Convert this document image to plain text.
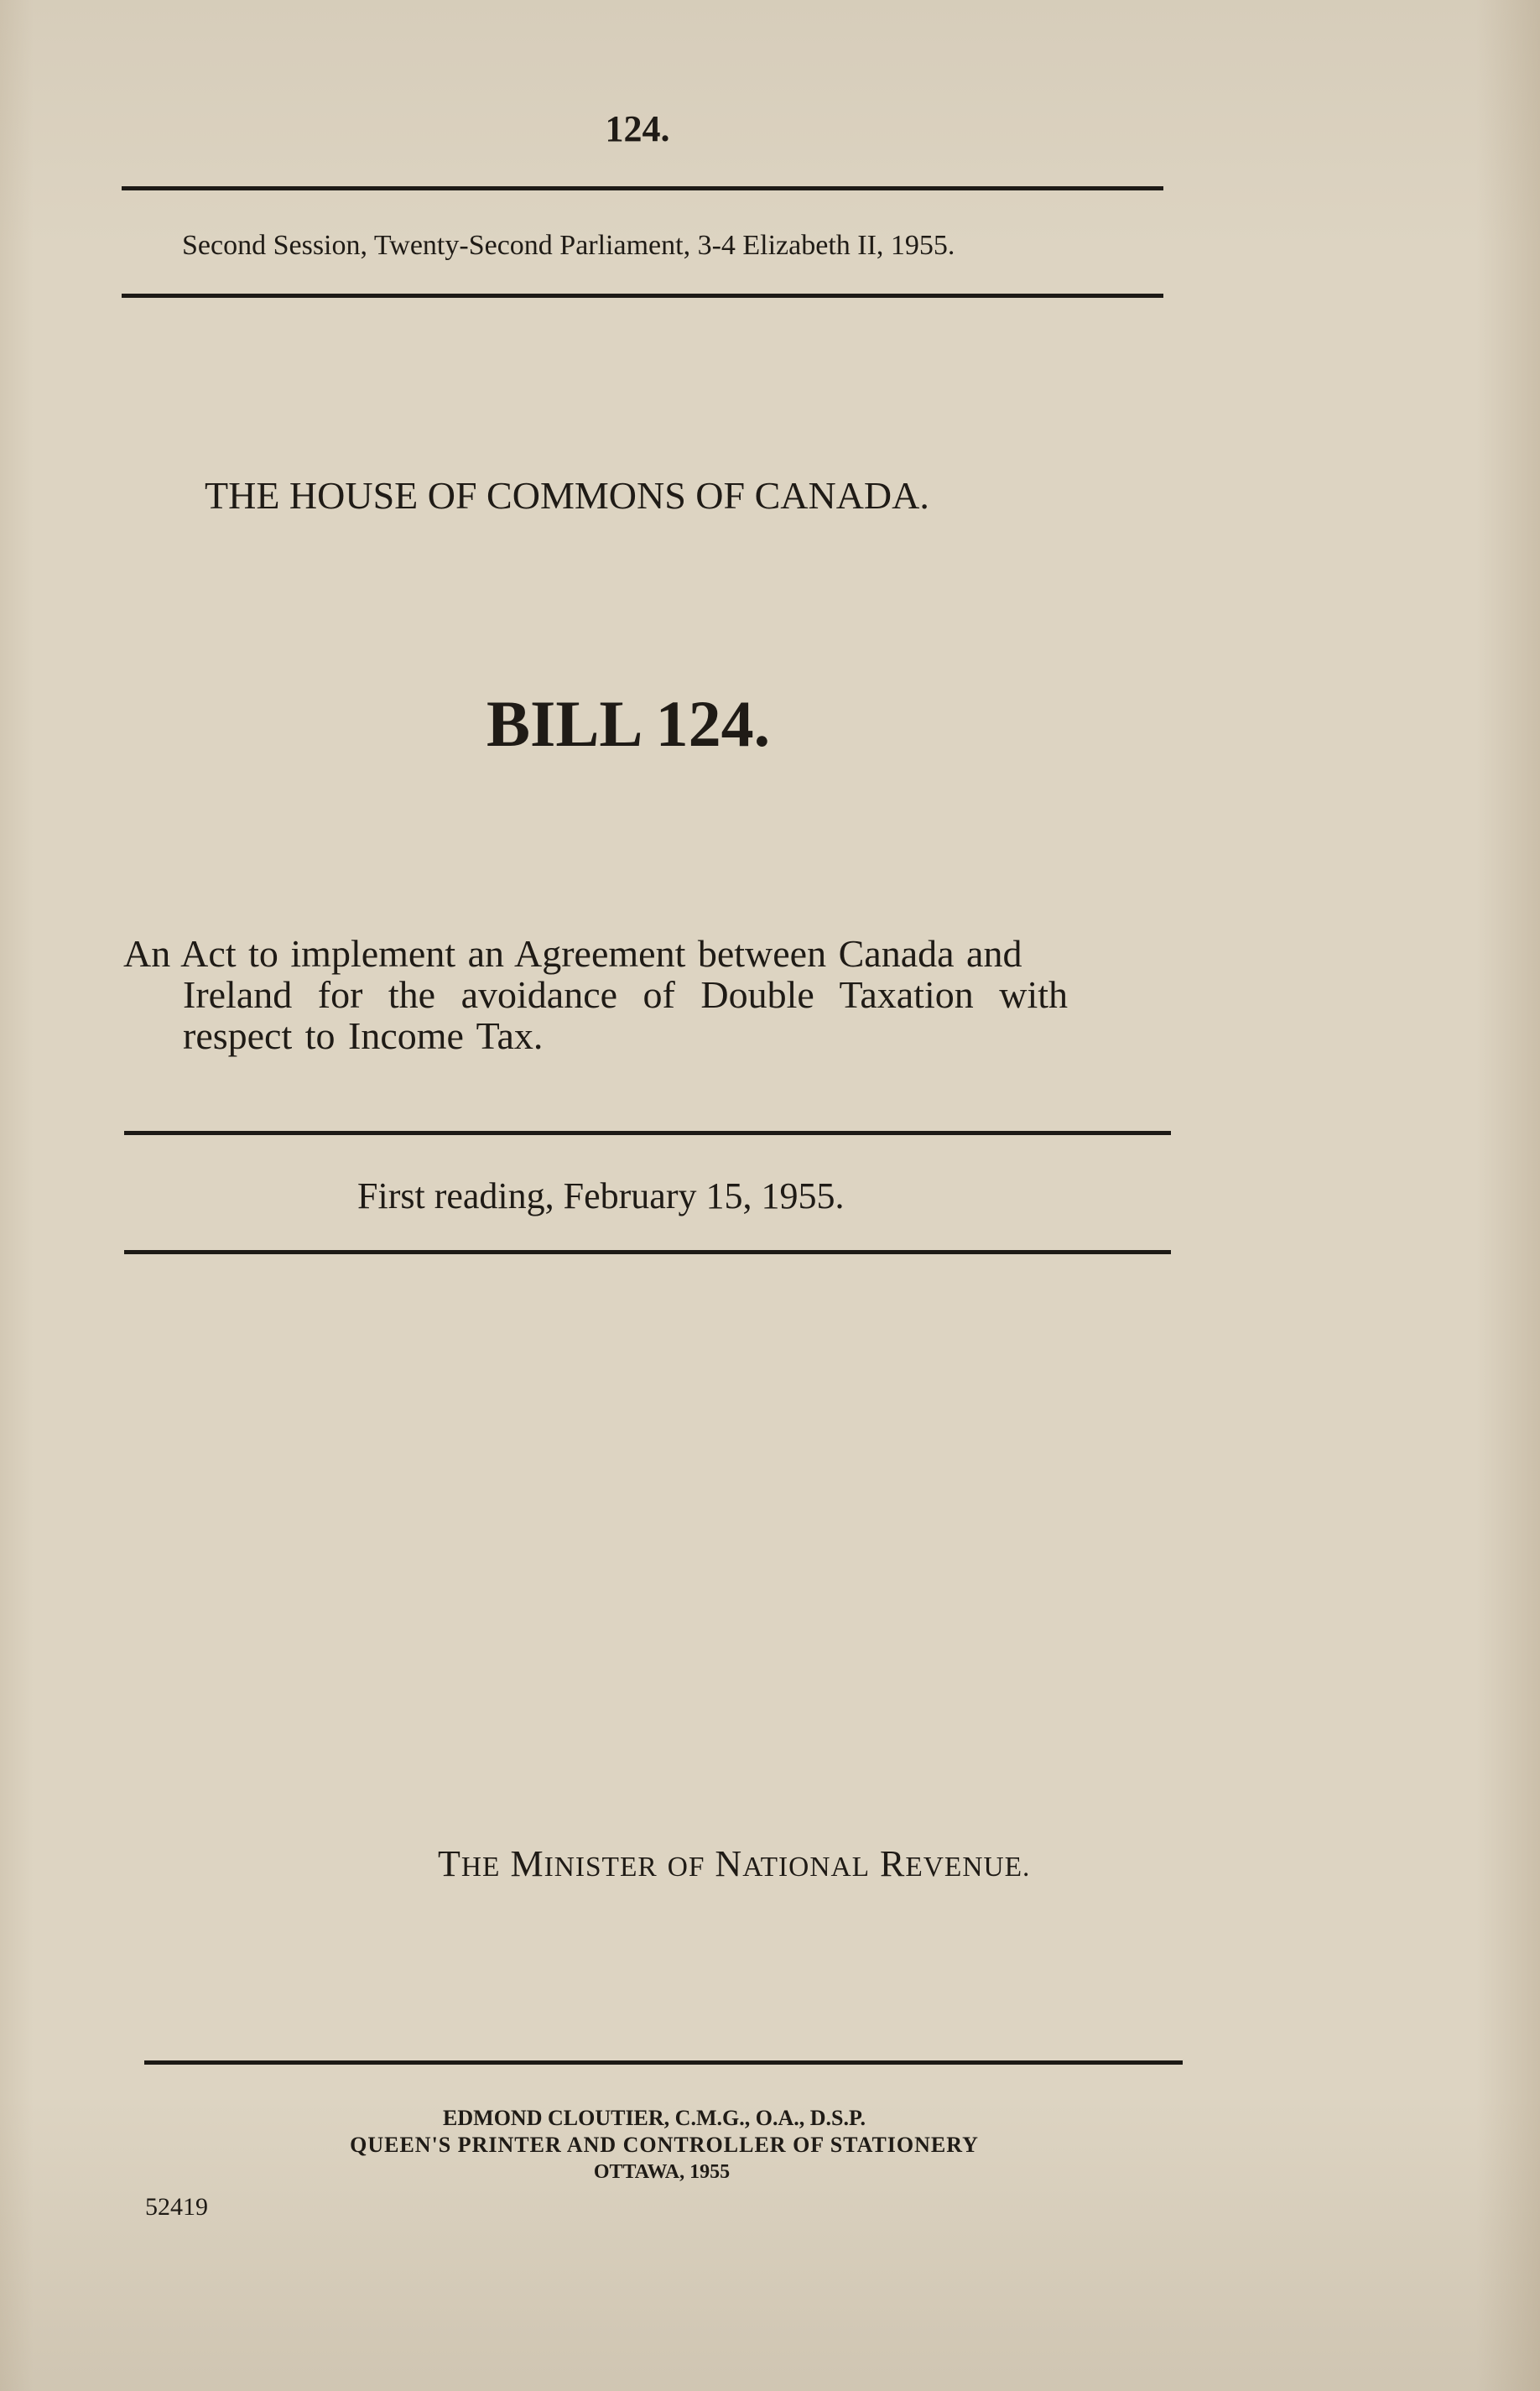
124.

Second Session, Twenty-Second Parliament, 3-4 Elizabeth II, 1955.

THE HOUSE OF COMMONS OF CANADA.

BILL 124.

An Act to implement an Agreement between Canada and

Ireland for the avoidance of Double Taxation with

respect to Income Tax.

First reading, February 15, 1955.

THE MINISTER OF NATIONAL REVENUE.

EDMOND CLOUTIER, C.M.G., O.A., D.S.P.

QUEEN'S PRINTER AND CONTROLLER OF STATIONERY

OTTAWA, 1955

52419
